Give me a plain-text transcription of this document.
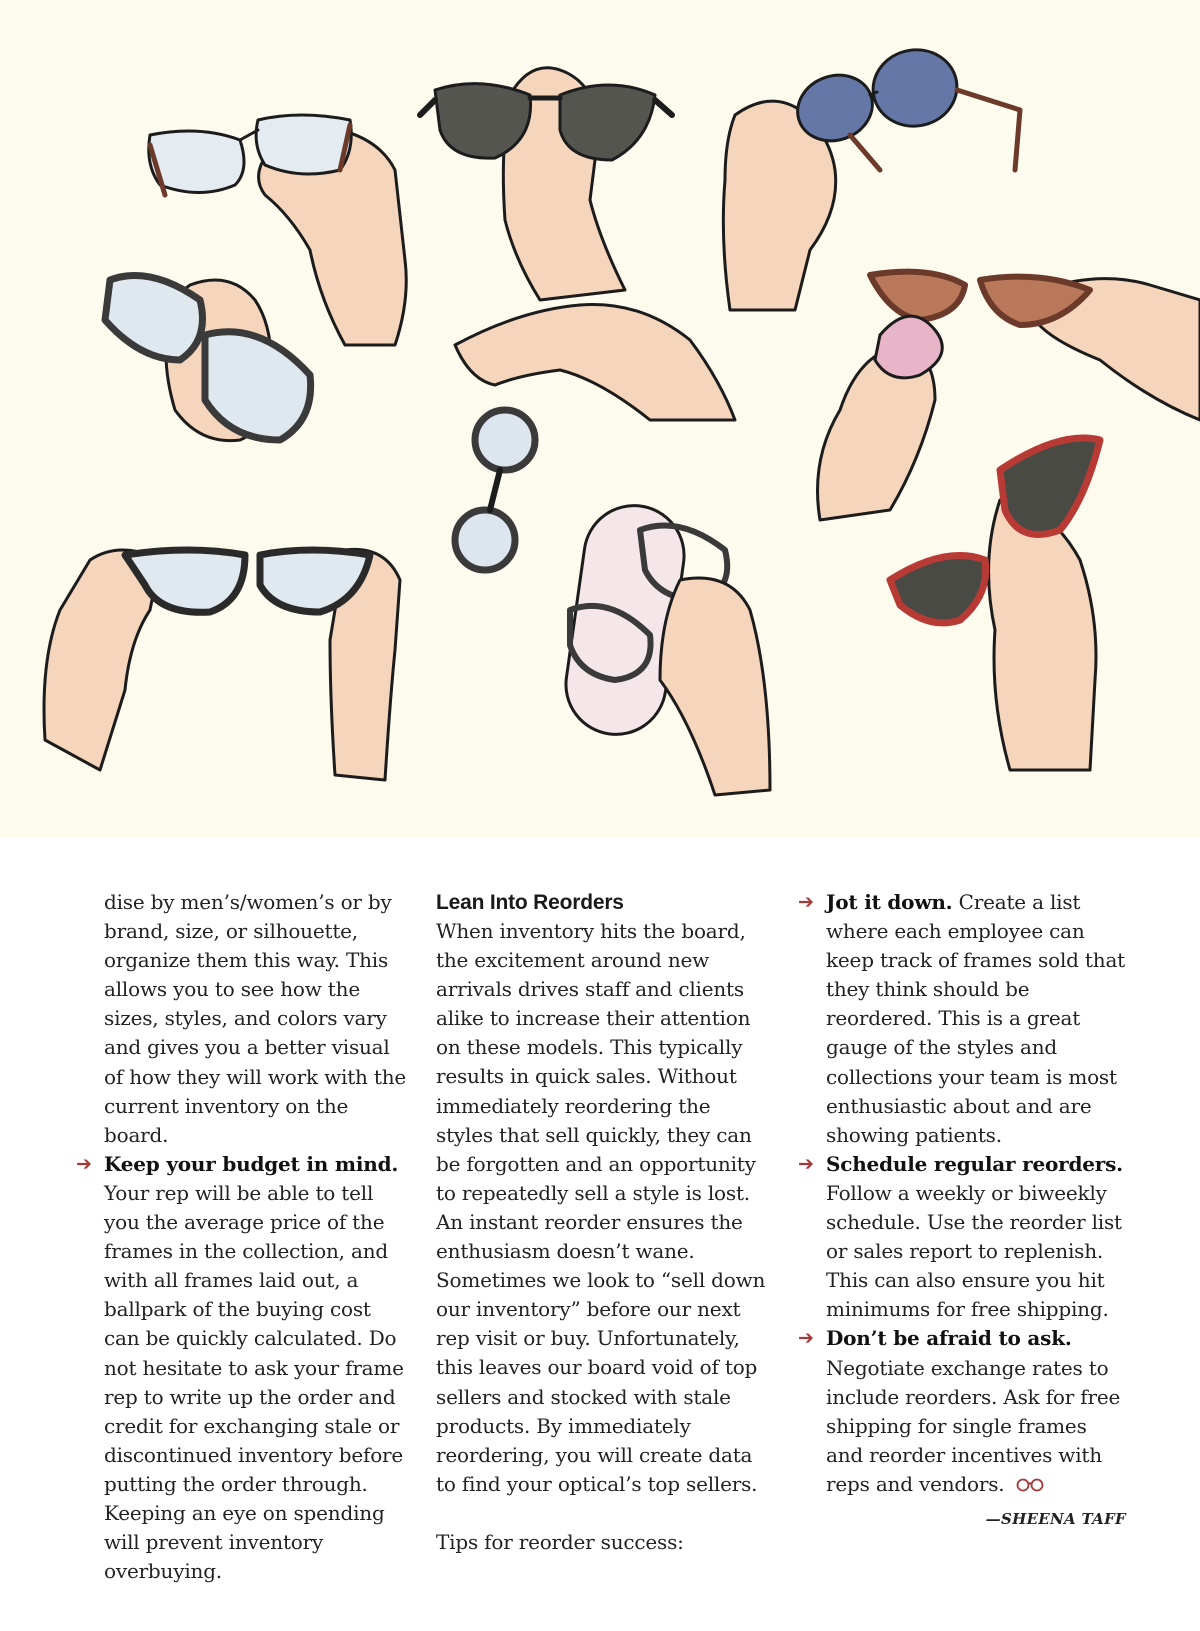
dise by men’s/women’s or by brand, size, or silhouette, organize them this way. This allows you to see how the sizes, styles, and colors vary and gives you a better visual of how they will work with the current inventory on the board.

➔ Keep your budget in mind. Your rep will be able to tell you the average price of the frames in the collection, and with all frames laid out, a ballpark of the buying cost can be quickly calculated. Do not hesitate to ask your frame rep to write up the order and credit for exchanging stale or discontinued inventory before putting the order through. Keeping an eye on spending will prevent inventory overbuying.

Lean Into Reorders

When inventory hits the board, the excitement around new arrivals drives staff and clients alike to increase their attention on these models. This typically results in quick sales. Without immediately reordering the styles that sell quickly, they can be forgotten and an opportunity to repeatedly sell a style is lost. An instant reorder ensures the enthusiasm doesn’t wane. Sometimes we look to “sell down our inventory” before our next rep visit or buy. Unfortunately, this leaves our board void of top sellers and stocked with stale products. By immediately reordering, you will create data to find your optical’s top sellers.

Tips for reorder success:

➔ Jot it down. Create a list where each employee can keep track of frames sold that they think should be reordered. This is a great gauge of the styles and collections your team is most enthusiastic about and are showing patients.
➔ Schedule regular reorders. Follow a weekly or biweekly schedule. Use the reorder list or sales report to replenish. This can also ensure you hit minimums for free shipping.
➔ Don’t be afraid to ask. Negotiate exchange rates to include reorders. Ask for free shipping for single frames and reorder incentives with reps and vendors.
—SHEENA TAFF
